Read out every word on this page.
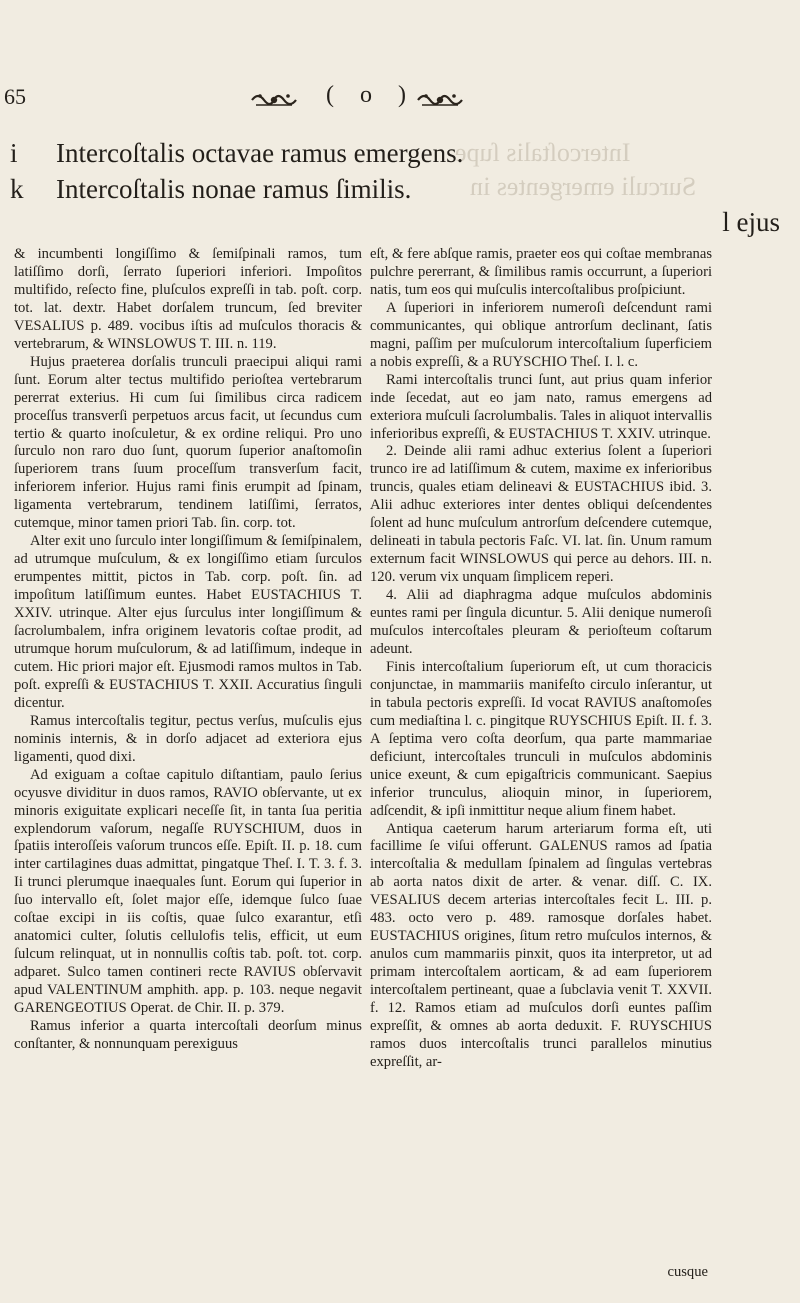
65	( o )
Intercoſtalis ſupe
Surculi emergentes in
i	Intercoſtalis octavae ramus emergens.
k	Intercoſtalis nonae ramus ſimilis.
l ejus

& incumbenti longiſſimo & ſemiſpinali ramos, tum latiſſimo dorſi, ſerrato ſuperiori inferiori. Impoſitos multifido, reſecto fine, pluſculos expreſſi in tab. poſt. corp. tot. lat. dextr. Habet dorſalem truncum, ſed breviter VESALIUS p. 489. vocibus iſtis ad muſculos thoracis & vertebrarum, & WINSLOWUS T. III. n. 119.

Hujus praeterea dorſalis trunculi praecipui aliqui rami ſunt. Eorum alter tectus multifido perioſtea vertebrarum pererrat exterius. Hi cum ſui ſimilibus circa radicem proceſſus transverſi perpetuos arcus facit, ut ſecundus cum tertio & quarto inoſculetur, & ex ordine reliqui. Pro uno ſurculo non raro duo ſunt, quorum ſuperior anaſtomoſin ſuperiorem trans ſuum proceſſum transverſum facit, inferiorem inferior. Hujus rami finis erumpit ad ſpinam, ligamenta vertebrarum, tendinem latiſſimi, ſerratos, cutemque, minor tamen priori Tab. ſin. corp. tot.

Alter exit uno ſurculo inter longiſſimum & ſemiſpinalem, ad utrumque muſculum, & ex longiſſimo etiam ſurculos erumpentes mittit, pictos in Tab. corp. poſt. ſin. ad impoſitum latiſſimum euntes. Habet EUSTACHIUS T. XXIV. utrinque. Alter ejus ſurculus inter longiſſimum & ſacrolumbalem, infra originem levatoris coſtae prodit, ad utrumque horum muſculorum, & ad latiſſimum, indeque in cutem. Hic priori major eſt. Ejusmodi ramos multos in Tab. poſt. expreſſi & EUSTACHIUS T. XXII. Accuratius ſinguli dicentur.

Ramus intercoſtalis tegitur, pectus verſus, muſculis ejus nominis internis, & in dorſo adjacet ad exteriora ejus ligamenti, quod dixi.

Ad exiguam a coſtae capitulo diſtantiam, paulo ſerius ocyusve dividitur in duos ramos, RAVIO obſervante, ut ex minoris exiguitate explicari neceſſe ſit, in tanta ſua peritia explendorum vaſorum, negaſſe RUYSCHIUM, duos in ſpatiis interoſſeis vaſorum truncos eſſe. Epiſt. II. p. 18. cum inter cartilagines duas admittat, pingatque Theſ. I. T. 3. f. 3. Ii trunci plerumque inaequales ſunt. Eorum qui ſuperior in ſuo intervallo eſt, ſolet major eſſe, idemque ſulco ſuae coſtae excipi in iis coſtis, quae ſulco exarantur, etſi anatomici culter, ſolutis cellulofis telis, efficit, ut eum ſulcum relinquat, ut in nonnullis coſtis tab. poſt. tot. corp. adparet. Sulco tamen contineri recte RAVIUS obſervavit apud VALENTINUM amphith. app. p. 103. neque negavit GARENGEOTIUS Operat. de Chir. II. p. 379.

Ramus inferior a quarta intercoſtali deorſum minus conſtanter, & nonnunquam perexiguus

eſt, & fere abſque ramis, praeter eos qui coſtae membranas pulchre pererrant, & ſimilibus ramis occurrunt, a ſuperiori natis, tum eos qui muſculis intercoſtalibus proſpiciunt.

A ſuperiori in inferiorem numeroſi deſcendunt rami communicantes, qui oblique antrorſum declinant, ſatis magni, paſſim per muſculorum intercoſtalium ſuperficiem a nobis expreſſi, & a RUYSCHIO Theſ. I. l. c.

Rami intercoſtalis trunci ſunt, aut prius quam inferior inde ſecedat, aut eo jam nato, ramus emergens ad exteriora muſculi ſacrolumbalis. Tales in aliquot intervallis inferioribus expreſſi, & EUSTACHIUS T. XXIV. utrinque.

2. Deinde alii rami adhuc exterius ſolent a ſuperiori trunco ire ad latiſſimum & cutem, maxime ex inferioribus truncis, quales etiam delineavi & EUSTACHIUS ibid. 3. Alii adhuc exteriores inter dentes obliqui deſcendentes ſolent ad hunc muſculum antrorſum deſcendere cutemque, delineati in tabula pectoris Faſc. VI. lat. ſin. Unum ramum externum facit WINSLOWUS qui perce au dehors. III. n. 120. verum vix unquam ſimplicem reperi.

4. Alii ad diaphragma adque muſculos abdominis euntes rami per ſingula dicuntur. 5. Alii denique numeroſi muſculos intercoſtales pleuram & perioſteum coſtarum adeunt.

Finis intercoſtalium ſuperiorum eſt, ut cum thoracicis conjunctae, in mammariis manifeſto circulo inſerantur, ut in tabula pectoris expreſſi. Id vocat RAVIUS anaſtomoſes cum mediaſtina l. c. pingitque RUYSCHIUS Epiſt. II. f. 3. A ſeptima vero coſta deorſum, qua parte mammariae deficiunt, intercoſtales trunculi in muſculos abdominis unice exeunt, & cum epigaſtricis communicant. Saepius inferior trunculus, alioquin minor, in ſuperiorem, adſcendit, & ipſi inmittitur neque alium finem habet.

Antiqua caeterum harum arteriarum forma eſt, uti facillime ſe viſui offerunt. GALENUS ramos ad ſpatia intercoſtalia & medullam ſpinalem ad ſingulas vertebras ab aorta natos dixit de arter. & venar. diſſ. C. IX. VESALIUS decem arterias intercoſtales fecit L. III. p. 483. octo vero p. 489. ramosque dorſales habet. EUSTACHIUS origines, ſitum retro muſculos internos, & anulos cum mammariis pinxit, quos ita interpretor, ut ad primam intercoſtalem aorticam, & ad eam ſuperiorem intercoſtalem pertineant, quae a ſubclavia venit T. XXVII. f. 12. Ramos etiam ad muſculos dorſi euntes paſſim expreſſit, & omnes ab aorta deduxit. F. RUYSCHIUS ramos duos intercoſtalis trunci parallelos minutius expreſſit, ar-

cusque
